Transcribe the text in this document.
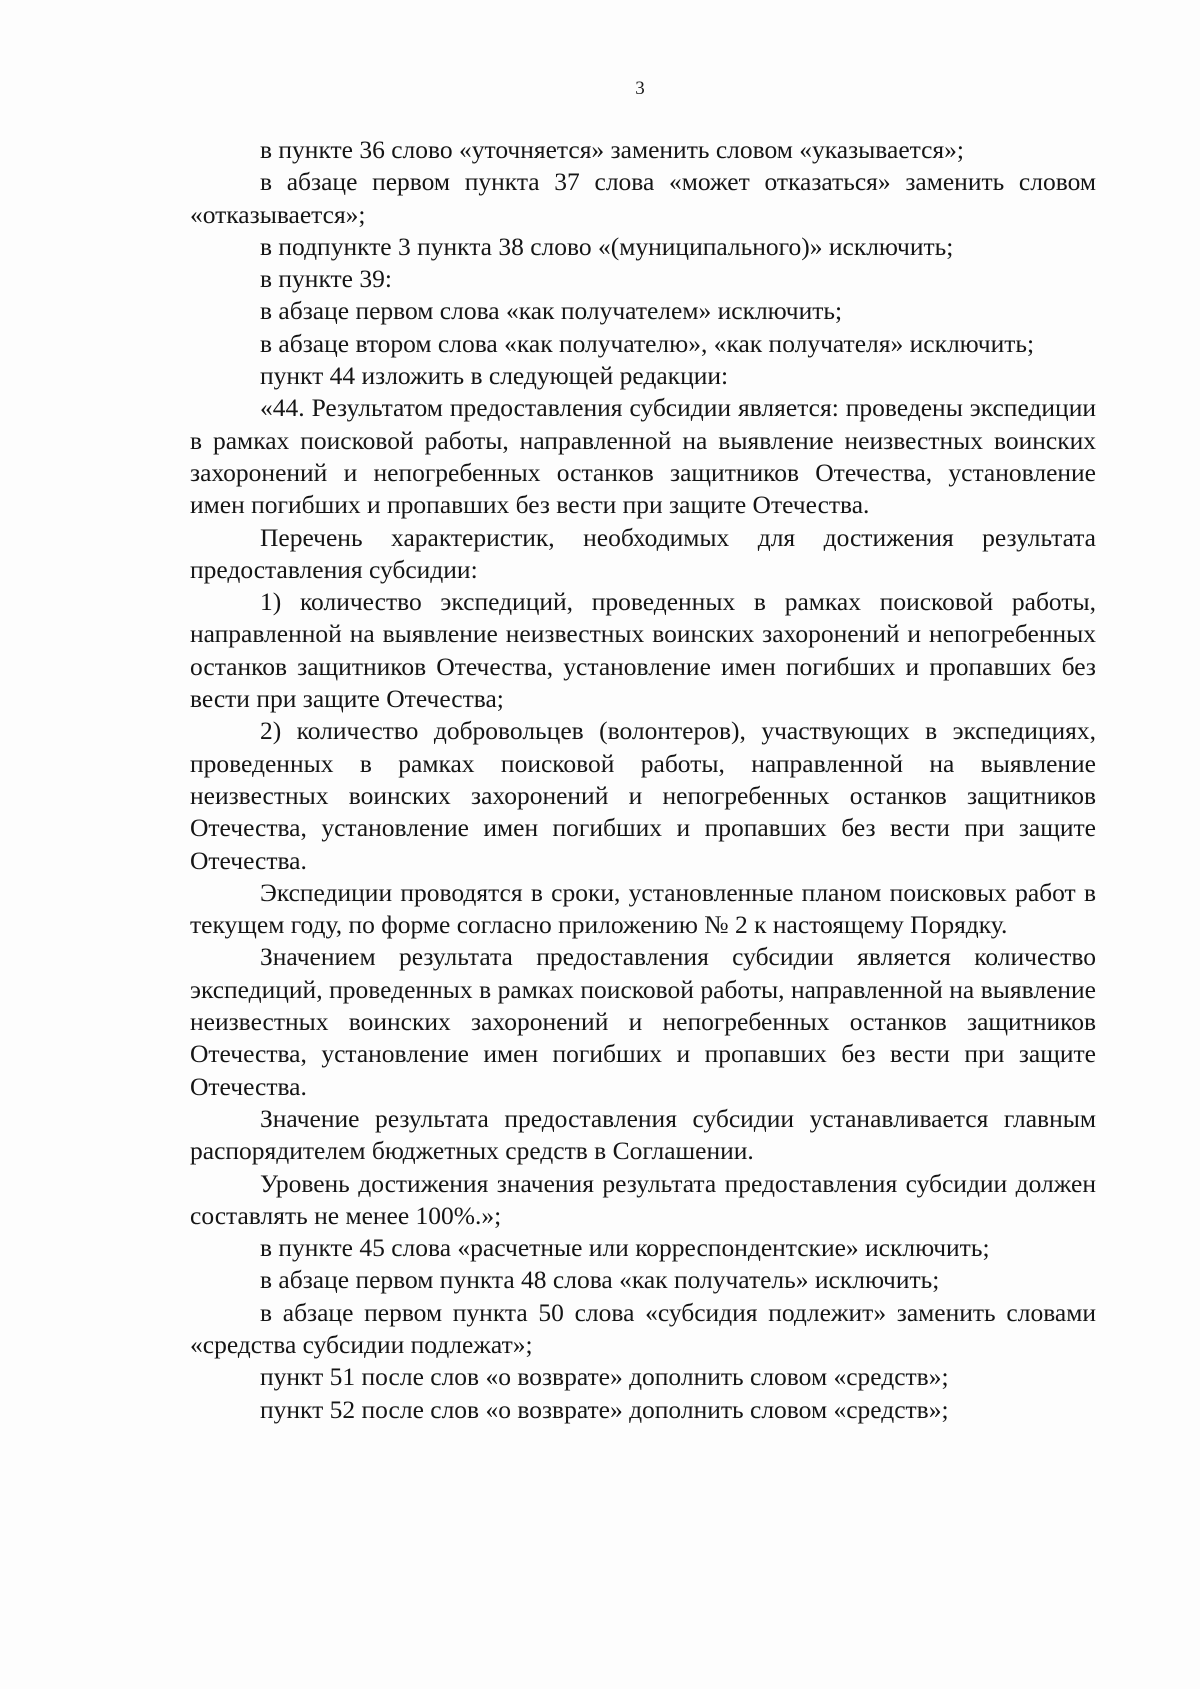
3

в пункте 36 слово «уточняется» заменить словом «указывается»;

в абзаце первом пункта 37 слова «может отказаться» заменить словом «отказывается»;

в подпункте 3 пункта 38 слово «(муниципального)» исключить;

в пункте 39:

в абзаце первом слова «как получателем» исключить;

в абзаце втором слова «как получателю», «как получателя» исключить;

пункт 44 изложить в следующей редакции:

«44. Результатом предоставления субсидии является: проведены экспедиции в рамках поисковой работы, направленной на выявление неизвестных воинских захоронений и непогребенных останков защитников Отечества, установление имен погибших и пропавших без вести при защите Отечества.

Перечень характеристик, необходимых для достижения результата предоставления субсидии:

1) количество экспедиций, проведенных в рамках поисковой работы, направленной на выявление неизвестных воинских захоронений и непогребенных останков защитников Отечества, установление имен погибших и пропавших без вести при защите Отечества;

2) количество добровольцев (волонтеров), участвующих в экспедициях, проведенных в рамках поисковой работы, направленной на выявление неизвестных воинских захоронений и непогребенных останков защитников Отечества, установление имен погибших и пропавших без вести при защите Отечества.

Экспедиции проводятся в сроки, установленные планом поисковых работ в текущем году, по форме согласно приложению № 2 к настоящему Порядку.

Значением результата предоставления субсидии является количество экспедиций, проведенных в рамках поисковой работы, направленной на выявление неизвестных воинских захоронений и непогребенных останков защитников Отечества, установление имен погибших и пропавших без вести при защите Отечества.

Значение результата предоставления субсидии устанавливается главным распорядителем бюджетных средств в Соглашении.

Уровень достижения значения результата предоставления субсидии должен составлять не менее 100%.»;

в пункте 45 слова «расчетные или корреспондентские» исключить;

в абзаце первом пункта 48 слова «как получатель» исключить;

в абзаце первом пункта 50 слова «субсидия подлежит» заменить словами «средства субсидии подлежат»;

пункт 51 после слов «о возврате» дополнить словом «средств»;

пункт 52 после слов «о возврате» дополнить словом «средств»;
